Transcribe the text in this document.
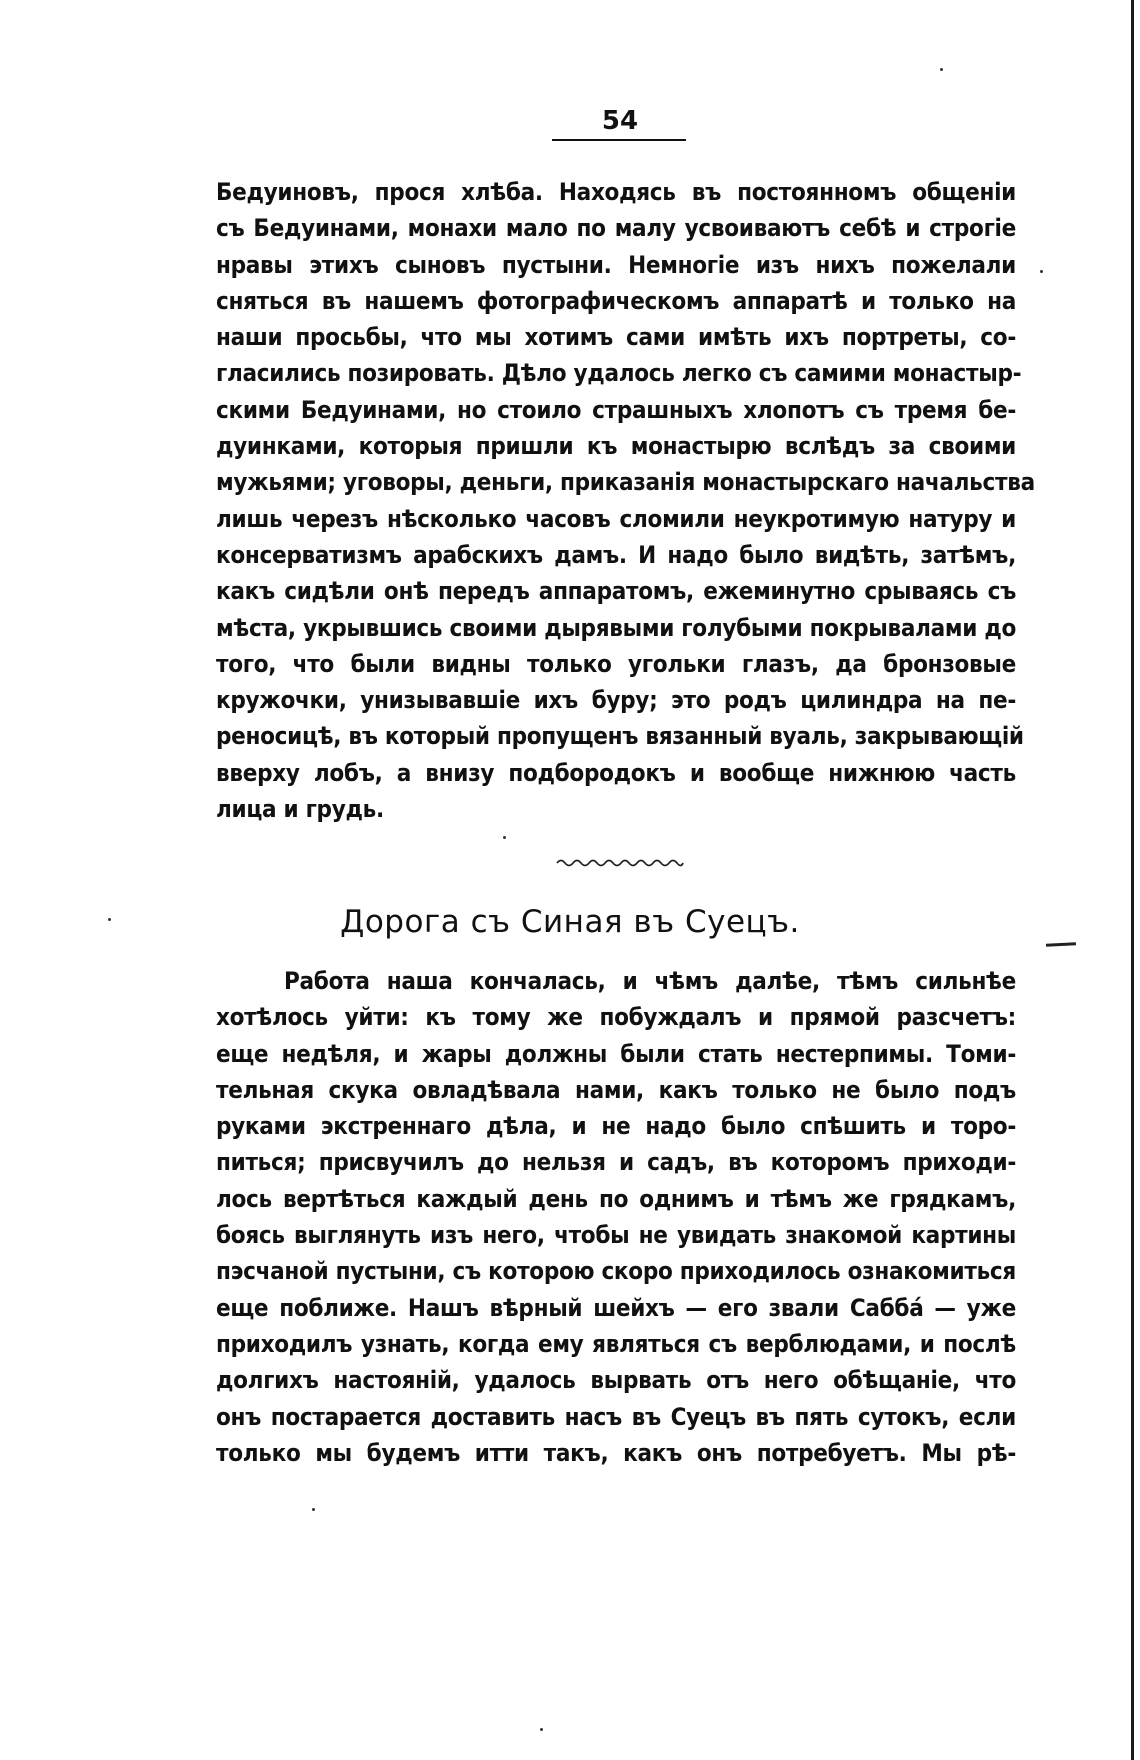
54
Бедуиновъ, прося хлѣба. Находясь въ постоянномъ общеніи
съ Бедуинами, монахи мало по малу усвоиваютъ себѣ и строгіе
нравы этихъ сыновъ пустыни. Немногіе изъ нихъ пожелали
сняться въ нашемъ фотографическомъ аппаратѣ и только на
наши просьбы, что мы хотимъ сами имѣть ихъ портреты, со-
гласились позировать. Дѣло удалось легко съ самими монастыр-
скими Бедуинами, но стоило страшныхъ хлопотъ съ тремя бе-
дуинками, которыя пришли къ монастырю вслѣдъ за своими
мужьями; уговоры, деньги, приказанія монастырскаго начальства
лишь черезъ нѣсколько часовъ сломили неукротимую натуру и
консерватизмъ арабскихъ дамъ. И надо было видѣть, затѣмъ,
какъ сидѣли онѣ передъ аппаратомъ, ежеминутно срываясь съ
мѣста, укрывшись своими дырявыми голубыми покрывалами до
того, что были видны только угольки глазъ, да бронзовые
кружочки, унизывавшіе ихъ буру; это родъ цилиндра на пе-
реносицѣ, въ который пропущенъ вязанный вуаль, закрывающій
вверху лобъ, а внизу подбородокъ и вообще нижнюю часть
лица и грудь.
Дорога съ Синая въ Суецъ.
Работа наша кончалась, и чѣмъ далѣе, тѣмъ сильнѣе
хотѣлось уйти: къ тому же побуждалъ и прямой разсчетъ:
еще недѣля, и жары должны были стать нестерпимы. Томи-
тельная скука овладѣвала нами, какъ только не было подъ
руками экстреннаго дѣла, и не надо было спѣшить и торо-
питься; присвучилъ до нельзя и садъ, въ которомъ приходи-
лось вертѣться каждый день по однимъ и тѣмъ же грядкамъ,
боясь выглянуть изъ него, чтобы не увидать знакомой картины
пэсчаной пустыни, съ которою скоро приходилось ознакомиться
еще поближе. Нашъ вѣрный шейхъ — его звали Саббá — уже
приходилъ узнать, когда ему являться съ верблюдами, и послѣ
долгихъ настояній, удалось вырвать отъ него обѣщаніе, что
онъ постарается доставить насъ въ Суецъ въ пять сутокъ, если
только мы будемъ итти такъ, какъ онъ потребуетъ. Мы рѣ-
